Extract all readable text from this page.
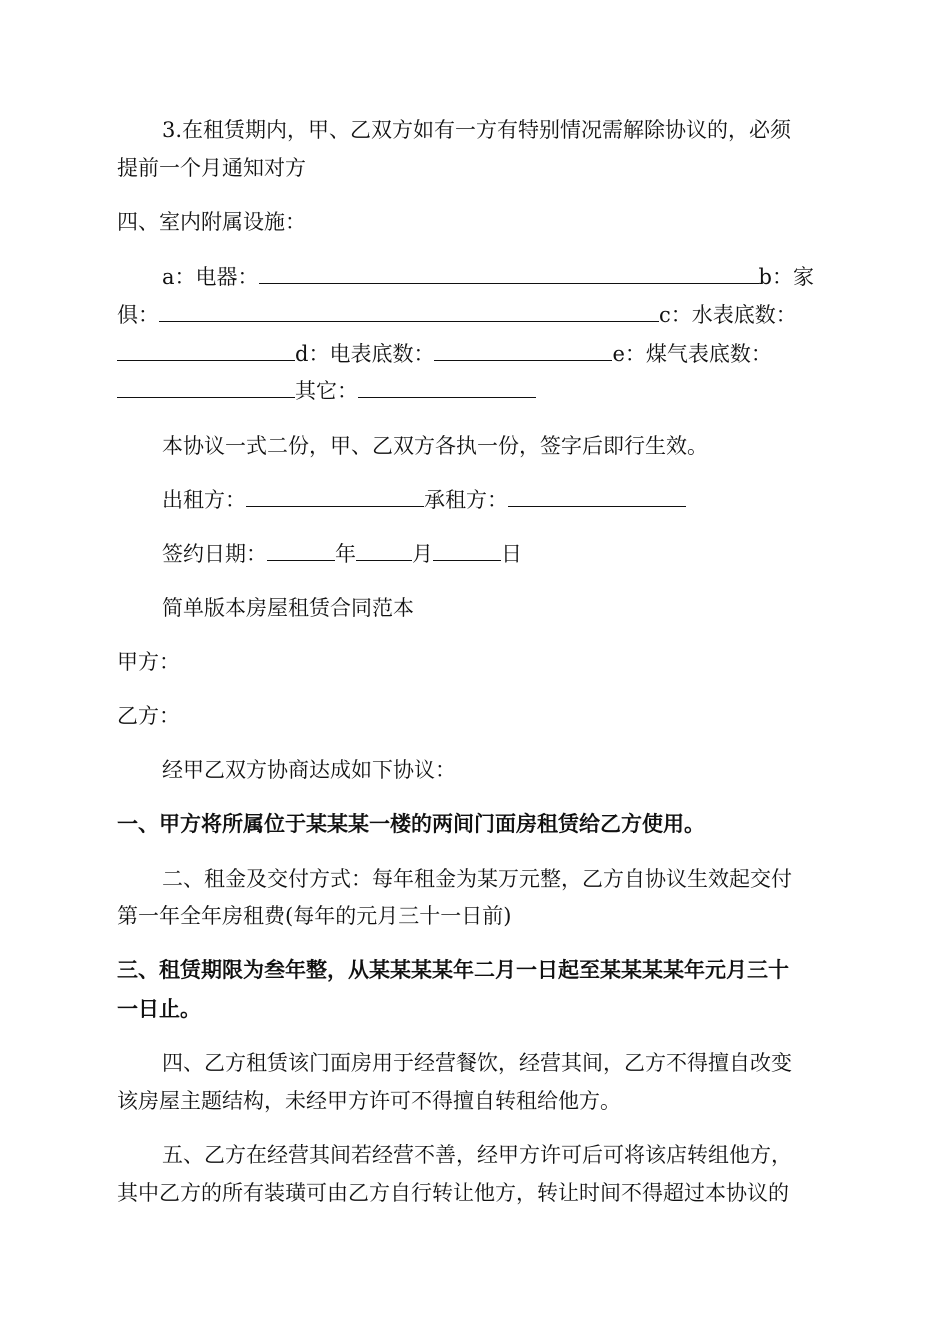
3.在租赁期内，甲、乙双方如有一方有特别情况需解除协议的，必须
提前一个月通知对方
四、室内附属设施：
a：电器：	b：家
俱：	c：水表底数：
d：电表底数：	e：煤气表底数：
其它：
本协议一式二份，甲、乙双方各执一份，签字后即行生效。
出租方：	承租方：
签约日期：	年	月	日
简单版本房屋租赁合同范本
甲方：
乙方：
经甲乙双方协商达成如下协议：
一、甲方将所属位于某某某一楼的两间门面房租赁给乙方使用。
二、租金及交付方式：每年租金为某万元整，乙方自协议生效起交付
第一年全年房租费(每年的元月三十一日前)
三、租赁期限为叁年整，从某某某某年二月一日起至某某某某年元月三十
一日止。
四、乙方租赁该门面房用于经营餐饮，经营其间，乙方不得擅自改变
该房屋主题结构，未经甲方许可不得擅自转租给他方。
五、乙方在经营其间若经营不善，经甲方许可后可将该店转组他方，
其中乙方的所有装璜可由乙方自行转让他方，转让时间不得超过本协议的
